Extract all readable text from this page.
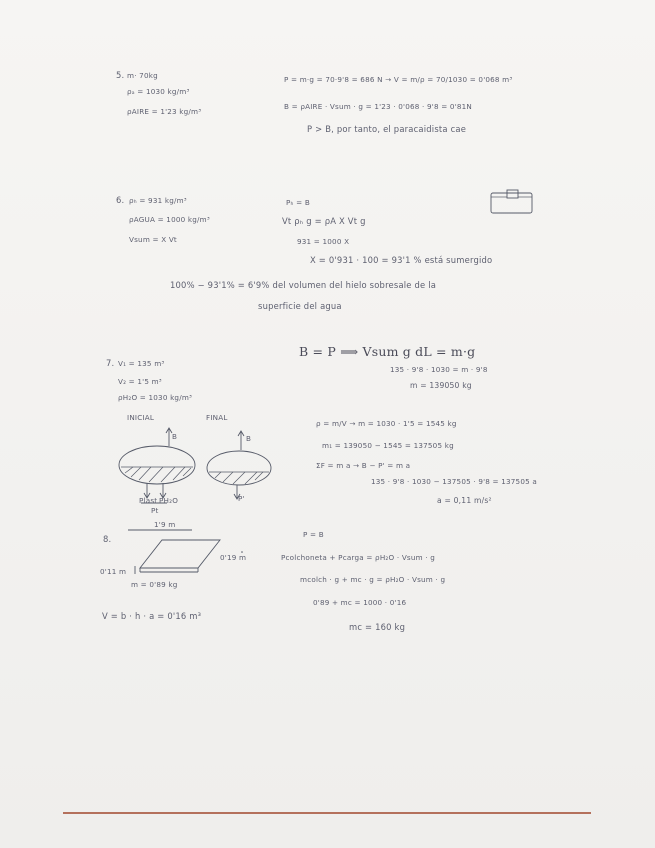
5. m· 70kg
ρₐ = 1030 kg/m³
ρAIRE = 1'23 kg/m³
P = m·g = 70·9'8 = 686 N → V = m/ρ = 70/1030 = 0'068 m³
B = ρAIRE · Vsum · g = 1'23 · 0'068 · 9'8 = 0'81N
P > B, por tanto, el paracaidista cae
6. ρₕ = 931 kg/m³
ρAGUA = 1000 kg/m³
Vsum = X Vt
Pₕ = B
Vt ρₕ g = ρA X Vt g
931 = 1000 X
X = 0'931 · 100 = 93'1 % está sumergido
100% − 93'1% = 6'9% del volumen del hielo sobresale de la
superficie del agua
7. V₁ = 135 m³
V₂ = 1'5 m³
ρH₂O = 1030 kg/m³
B = P ⟹ Vsum g dL = m·g
135 · 9'8 · 1030 = m · 9'8
m = 139050 kg
INICIAL	FINAL
B
Plast PH₂O
Pt
B
P'
ρ = m/V → m = 1030 · 1'5 = 1545 kg
m₁ = 139050 − 1545 = 137505 kg
ΣF = m a → B − P' = m a
135 · 9'8 · 1030 − 137505 · 9'8 = 137505 a
a = 0,11 m/s²
8.
1'9 m
0'19 m
0'11 m
m = 0'89 kg
V = b · h · a = 0'16 m³
P = B
Pcolchoneta + Pcarga = ρH₂O · Vsum · g
mcolch · g + mc · g = ρH₂O · Vsum · g
0'89 + mc = 1000 · 0'16
mc = 160 kg
